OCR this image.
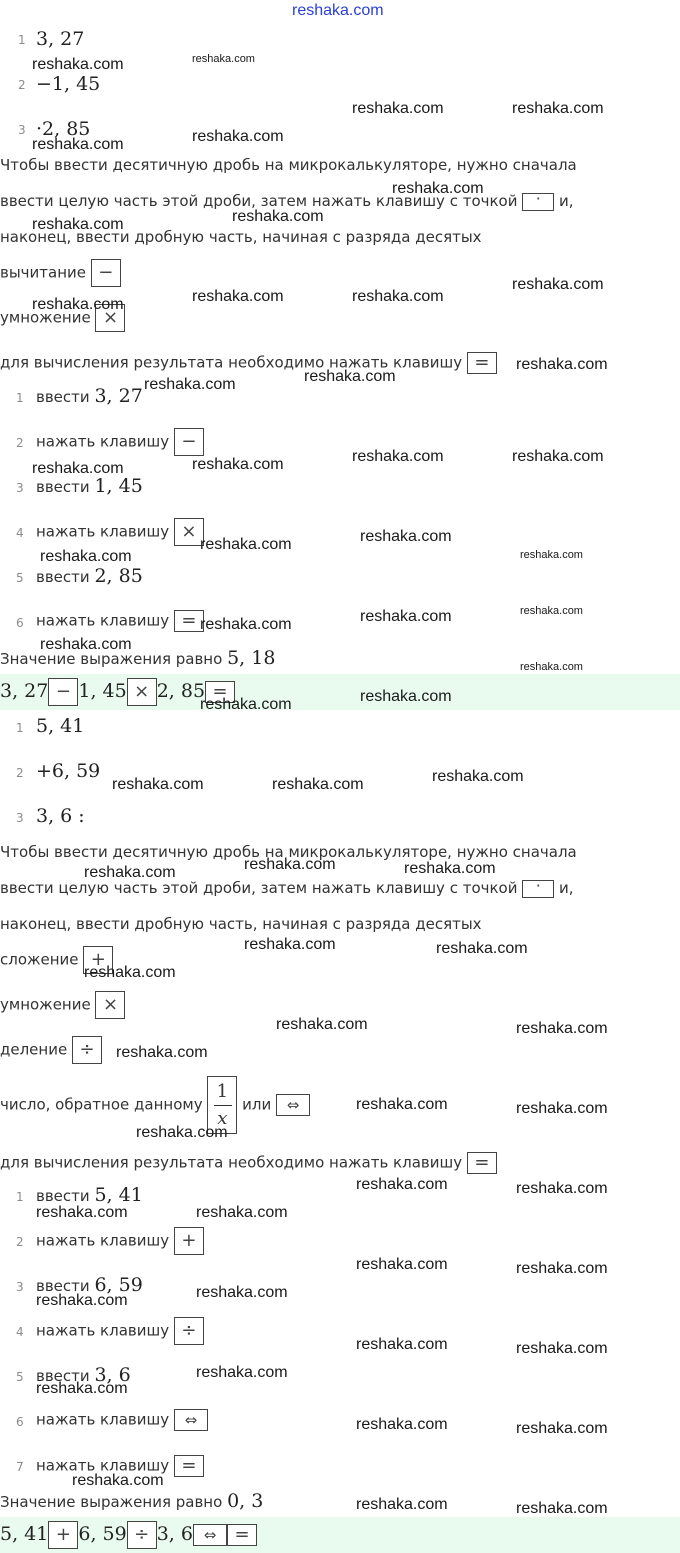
reshaka.com
1 3, 27
2 −1, 45
3 ·2, 85
Чтобы ввести десятичную дробь на микрокалькуляторе, нужно сначала
ввести целую часть этой дроби, затем нажать клавишу с точкой · и,
наконец, ввести дробную часть, начиная с разряда десятых
вычитание −
умножение ×
для вычисления результата необходимо нажать клавишу =
1 ввести 3, 27
2 нажать клавишу −
3 ввести 1, 45
4 нажать клавишу ×
5 ввести 2, 85
6 нажать клавишу =
Значение выражения равно 5, 18
3, 27 − 1, 45 × 2, 85 =
1 5, 41
2 +6, 59
3 3, 6 :
Чтобы ввести десятичную дробь на микрокалькуляторе, нужно сначала
ввести целую часть этой дроби, затем нажать клавишу с точкой · и,
наконец, ввести дробную часть, начиная с разряда десятых
сложение +
умножение ×
деление ÷
число, обратное данному $\frac{1}{x}$ или ⇔
для вычисления результата необходимо нажать клавишу =
1 ввести 5, 41
2 нажать клавишу +
3 ввести 6, 59
4 нажать клавишу ÷
5 ввести 3, 6
6 нажать клавишу ⇔
7 нажать клавишу =
Значение выражения равно 0, 3
5, 41 + 6, 59 ÷ 3, 6 ⇔ =
reshaka.com	reshaka.com
reshaka.com	reshaka.com
reshaka.com	reshaka.com
reshaka.com
reshaka.com
reshaka.com
reshaka.com
reshaka.com	reshaka.com
reshaka.com
reshaka.com
reshaka.com
reshaka.com
reshaka.com	reshaka.com	reshaka.com
reshaka.com
reshaka.com
reshaka.com
reshaka.com	reshaka.com
reshaka.com
reshaka.com
reshaka.com
reshaka.com
reshaka.com
reshaka.com
reshaka.com
reshaka.com
reshaka.com	reshaka.com
reshaka.com	reshaka.com
reshaka.com
reshaka.com	reshaka.com
reshaka.com
reshaka.com	reshaka.com
reshaka.com
reshaka.com	reshaka.com
reshaka.com
reshaka.com	reshaka.com
reshaka.com	reshaka.com
reshaka.com	reshaka.com
reshaka.com
reshaka.com
reshaka.com	reshaka.com
reshaka.com
reshaka.com
reshaka.com	reshaka.com
reshaka.com
reshaka.com	reshaka.com
